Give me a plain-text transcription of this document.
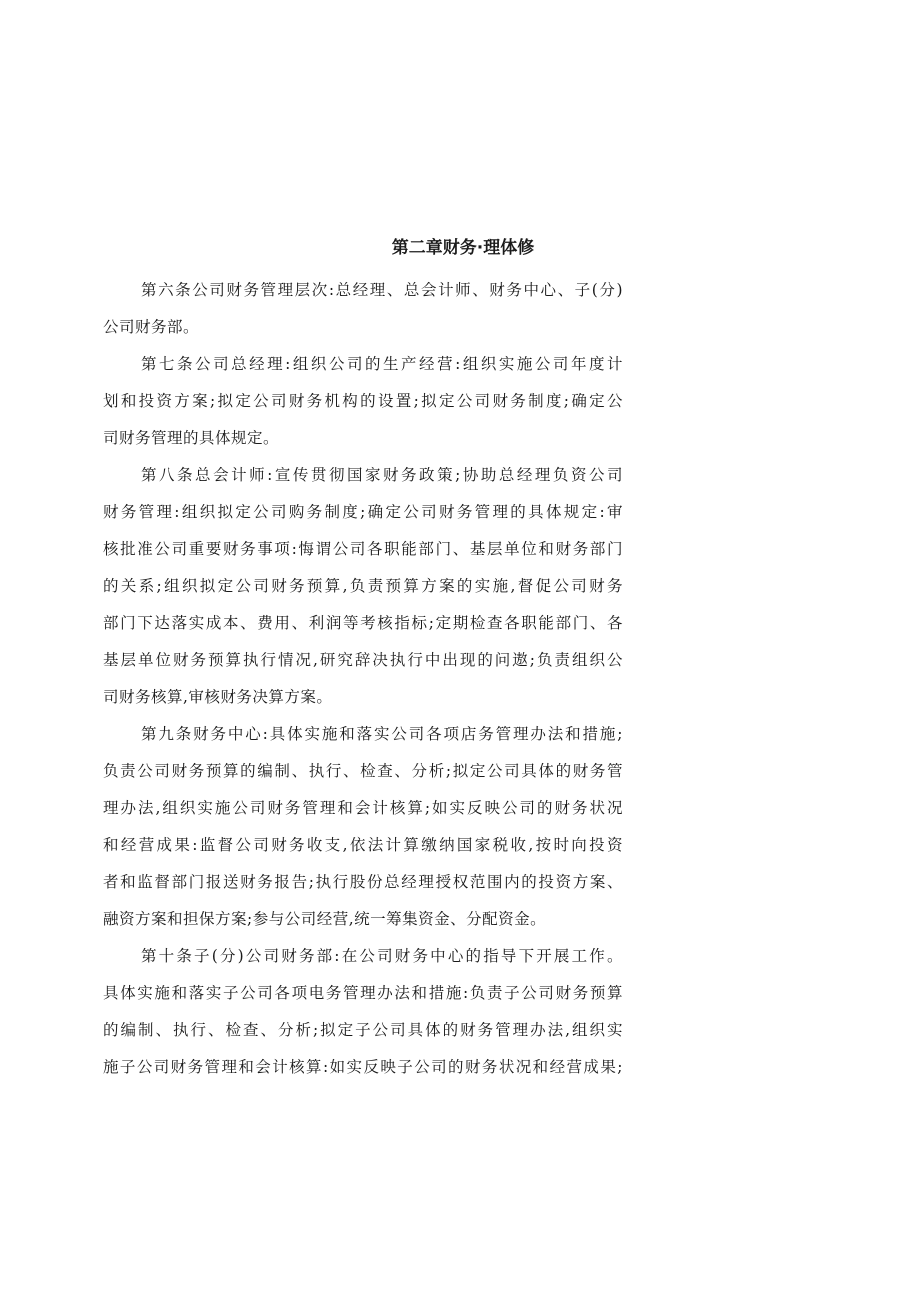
第二章财务·理体修
第六条公司财务管理层次:总经理、总会计师、财务中心、子(分)
公司财务部。
第七条公司总经理:组织公司的生产经营:组织实施公司年度计
划和投资方案;拟定公司财务机构的设置;拟定公司财务制度;确定公
司财务管理的具体规定。
第八条总会计师:宣传贯彻国家财务政策;协助总经理负资公司
财务管理:组织拟定公司购务制度;确定公司财务管理的具体规定:审
核批准公司重要财务事项:悔谓公司各职能部门、基层单位和财务部门
的关系;组织拟定公司财务预算,负责预算方案的实施,督促公司财务
部门下达落实成本、费用、利润等考核指标;定期检查各职能部门、各
基层单位财务预算执行情况,研究辞决执行中出现的问遨;负责组织公
司财务核算,审核财务决算方案。
第九条财务中心:具体实施和落实公司各项店务管理办法和措施;
负责公司财务预算的编制、执行、检查、分析;拟定公司具体的财务管
理办法,组织实施公司财务管理和会计核算;如实反映公司的财务状况
和经营成果:监督公司财务收支,依法计算缴纳国家税收,按时向投资
者和监督部门报送财务报告;执行股份总经理授权范围内的投资方案、
融资方案和担保方案;参与公司经营,统一筹集资金、分配资金。
第十条子(分)公司财务部:在公司财务中心的指导下开展工作。
具体实施和落实子公司各项电务管理办法和措施:负责子公司财务预算
的编制、执行、检查、分析;拟定子公司具体的财务管理办法,组织实
施子公司财务管理和会计核算:如实反映子公司的财务状况和经营成果;
